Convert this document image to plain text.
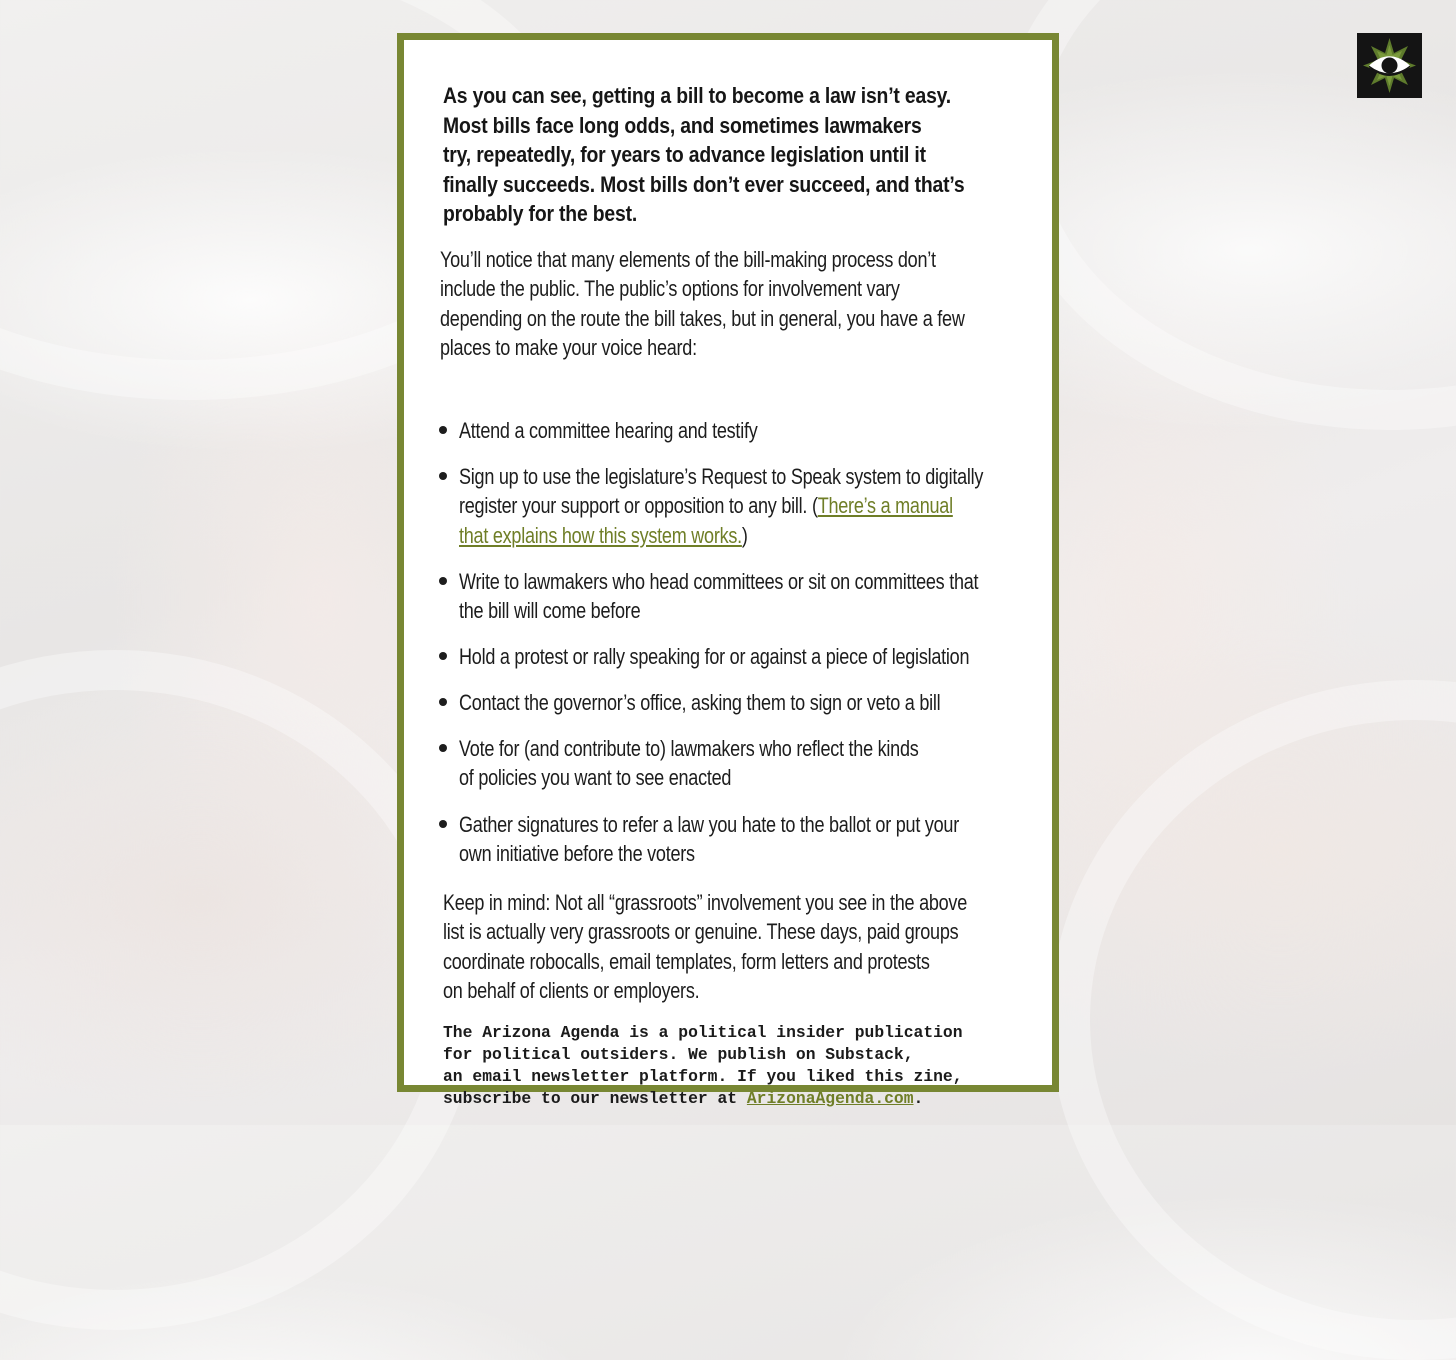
As you can see, getting a bill to become a law isn’t easy.
Most bills face long odds, and sometimes lawmakers
try, repeatedly, for years to advance legislation until it
finally succeeds. Most bills don’t ever succeed, and that’s
probably for the best.

You’ll notice that many elements of the bill-making process don’t
include the public. The public’s options for involvement vary
depending on the route the bill takes, but in general, you have a few
places to make your voice heard:

Attend a committee hearing and testify

Sign up to use the legislature’s Request to Speak system to digitally
register your support or opposition to any bill. (There’s a manual
that explains how this system works.)

Write to lawmakers who head committees or sit on committees that
the bill will come before

Hold a protest or rally speaking for or against a piece of legislation

Contact the governor’s office, asking them to sign or veto a bill

Vote for (and contribute to) lawmakers who reflect the kinds
of policies you want to see enacted

Gather signatures to refer a law you hate to the ballot or put your
own initiative before the voters

Keep in mind: Not all “grassroots” involvement you see in the above
list is actually very grassroots or genuine. These days, paid groups
coordinate robocalls, email templates, form letters and protests
on behalf of clients or employers.

The Arizona Agenda is a political insider publication
for political outsiders. We publish on Substack,
an email newsletter platform. If you liked this zine,
subscribe to our newsletter at ArizonaAgenda.com.
